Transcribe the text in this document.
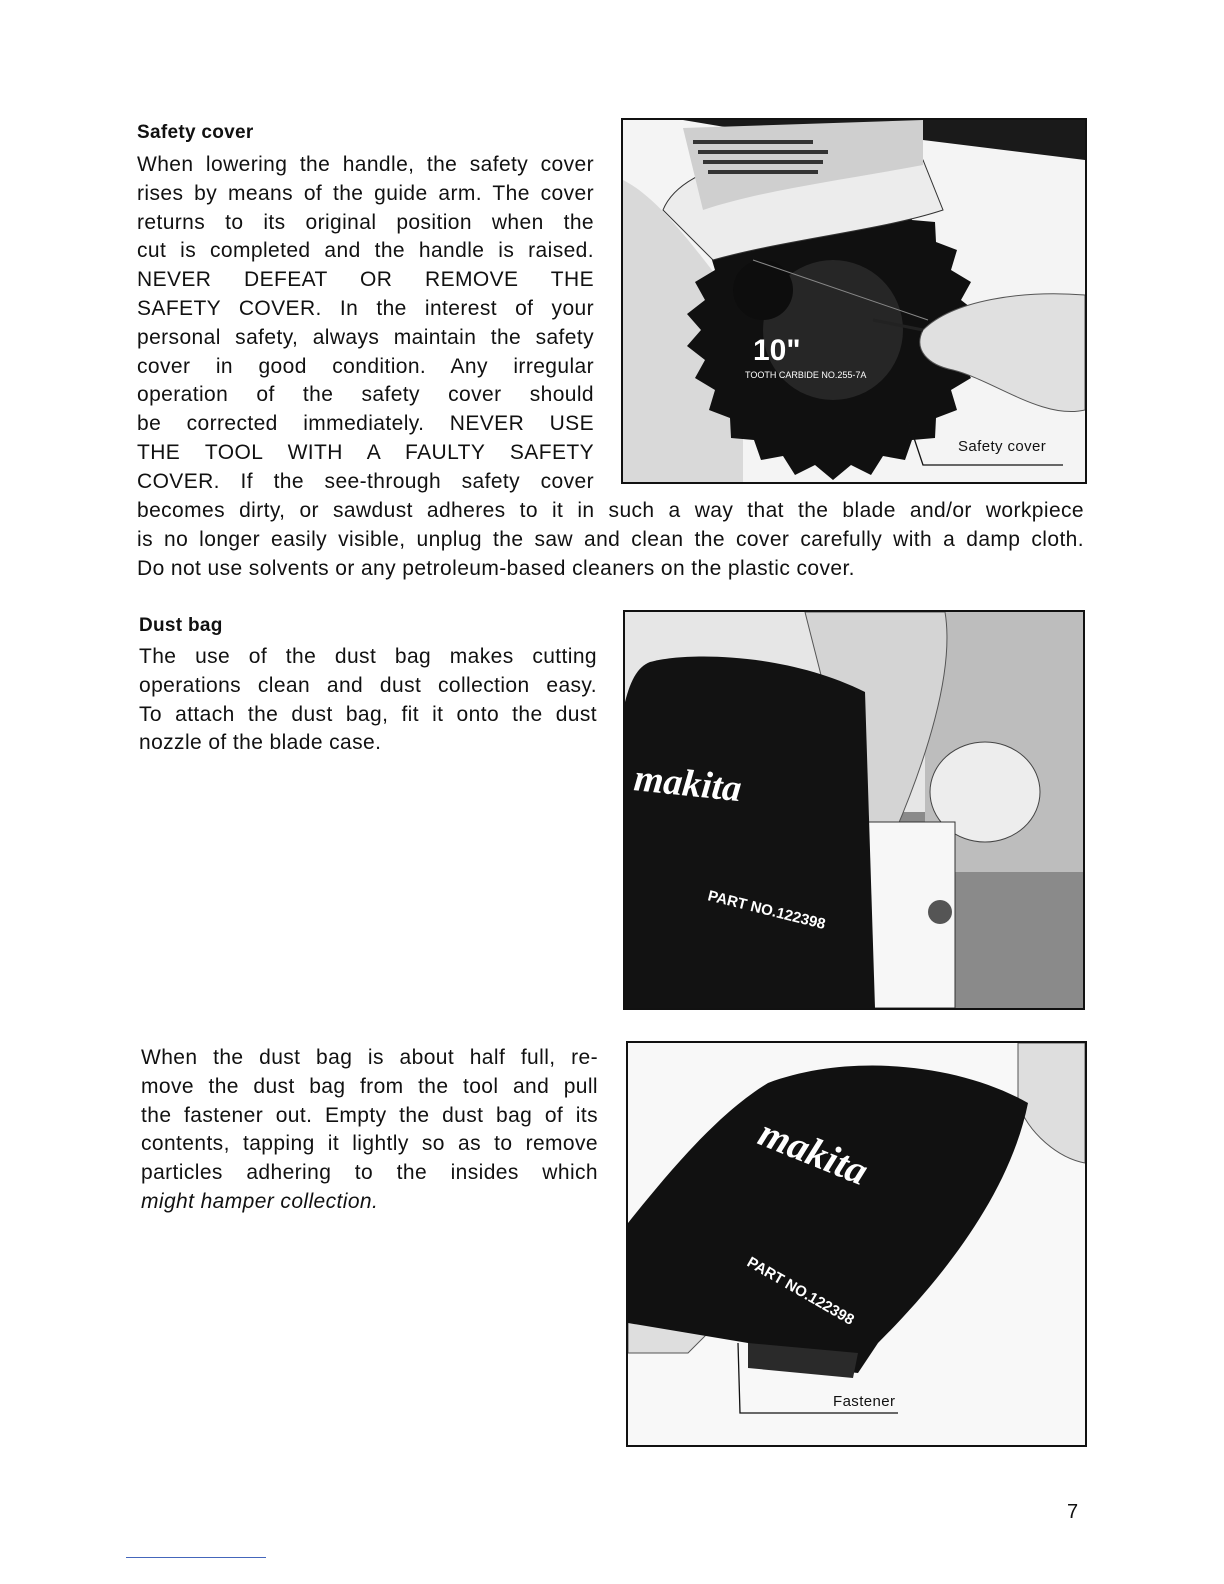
Safety cover
When lowering the handle, the safety cover
rises by means of the guide arm. The cover
returns to its original position when the
cut is completed and the handle is raised.
NEVER DEFEAT OR REMOVE THE
SAFETY COVER. In the interest of your
personal safety, always maintain the safety
cover in good condition. Any irregular
operation of the safety cover should
be corrected immediately. NEVER USE
THE TOOL WITH A FAULTY SAFETY
COVER. If the see-through safety cover
becomes dirty, or sawdust adheres to it in such a way that the blade and/or workpiece
is no longer easily visible, unplug the saw and clean the cover carefully with a damp cloth.
Do not use solvents or any petroleum-based cleaners on the plastic cover.
10"
TOOTH CARBIDE NO.255-7A
Safety cover
Dust bag
The use of the dust bag makes cutting
operations clean and dust collection easy.
To attach the dust bag, fit it onto the dust
nozzle of the blade case.
makita
PART NO.122398
When the dust bag is about half full, re-
move the dust bag from the tool and pull
the fastener out. Empty the dust bag of its
contents, tapping it lightly so as to remove
particles adhering to the insides which
might hamper collection.
makita
PART NO.122398
Fastener
7
